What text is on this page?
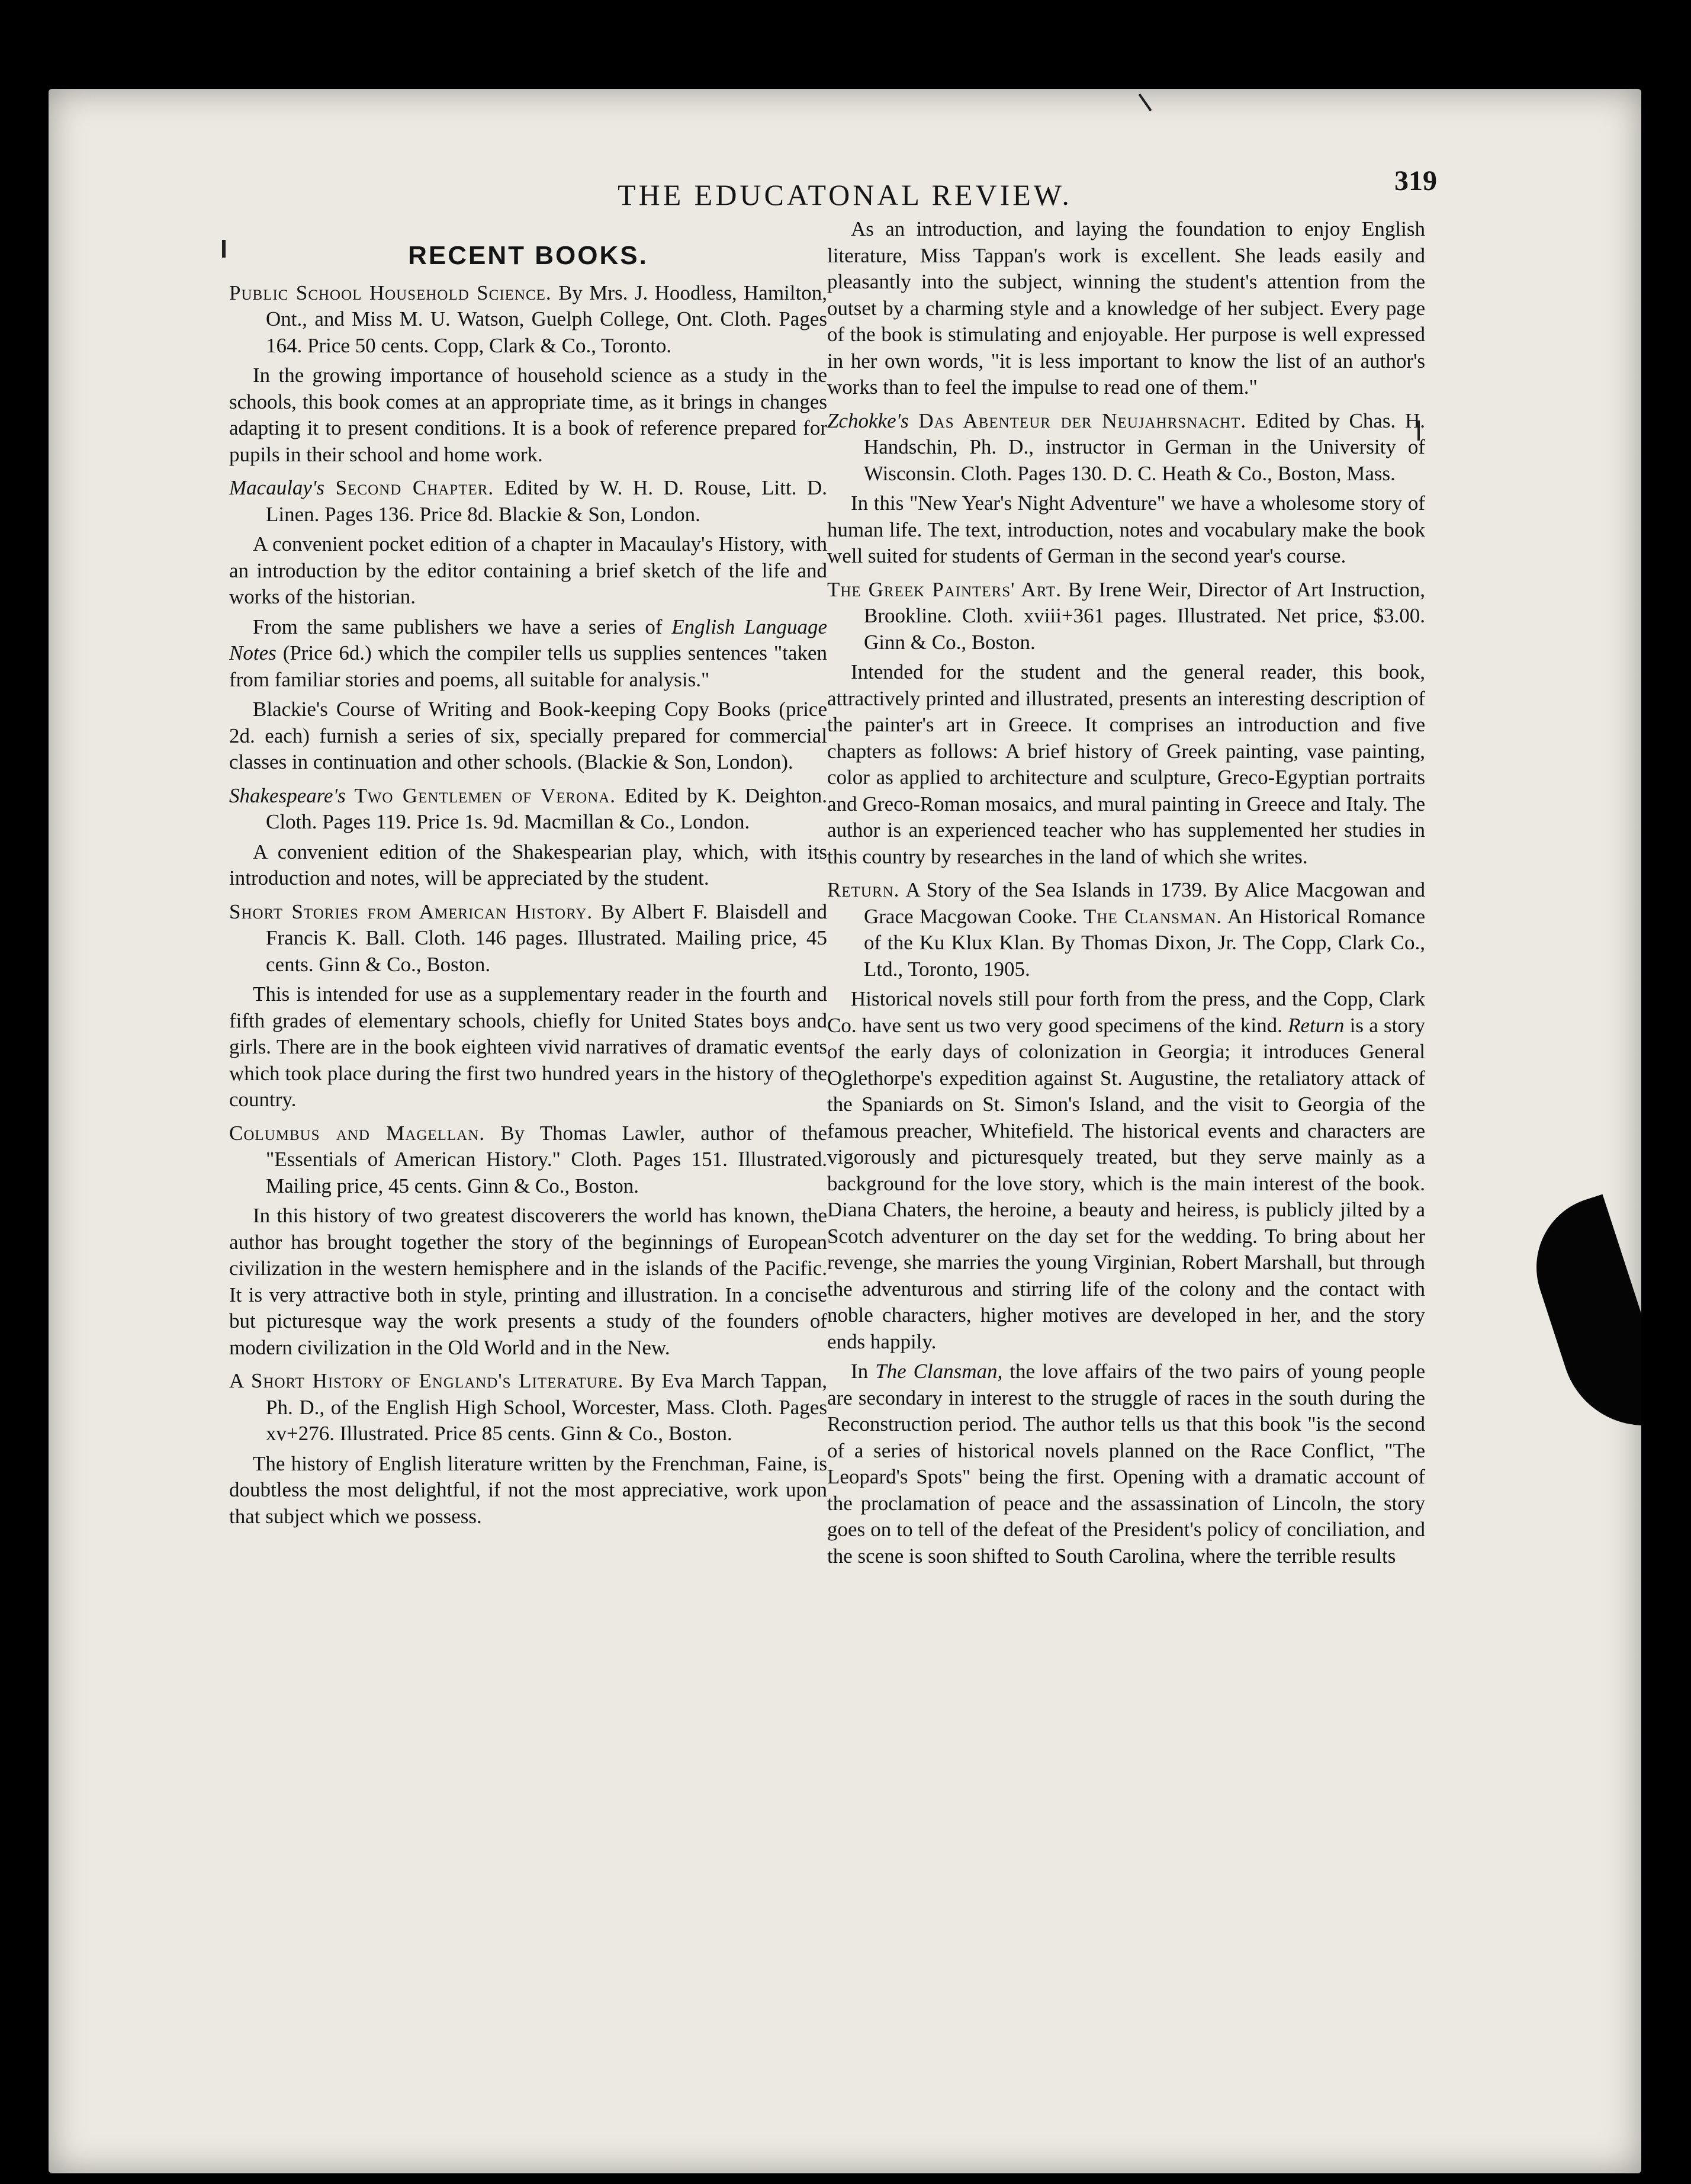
319
THE EDUCATONAL REVIEW.
RECENT BOOKS.

Public School Household Science. By Mrs. J. Hoodless, Hamilton, Ont., and Miss M. U. Watson, Guelph College, Ont. Cloth. Pages 164. Price 50 cents. Copp, Clark & Co., Toronto.

In the growing importance of household science as a study in the schools, this book comes at an appropriate time, as it brings in changes adapting it to present conditions. It is a book of reference prepared for pupils in their school and home work.

Macaulay's Second Chapter. Edited by W. H. D. Rouse, Litt. D. Linen. Pages 136. Price 8d. Blackie & Son, London.

A convenient pocket edition of a chapter in Macaulay's History, with an introduction by the editor containing a brief sketch of the life and works of the historian.

From the same publishers we have a series of English Language Notes (Price 6d.) which the compiler tells us supplies sentences "taken from familiar stories and poems, all suitable for analysis."

Blackie's Course of Writing and Book-keeping Copy Books (price 2d. each) furnish a series of six, specially prepared for commercial classes in continuation and other schools. (Blackie & Son, London).

Shakespeare's Two Gentlemen of Verona. Edited by K. Deighton. Cloth. Pages 119. Price 1s. 9d. Macmillan & Co., London.

A convenient edition of the Shakespearian play, which, with its introduction and notes, will be appreciated by the student.

Short Stories from American History. By Albert F. Blaisdell and Francis K. Ball. Cloth. 146 pages. Illustrated. Mailing price, 45 cents. Ginn & Co., Boston.

This is intended for use as a supplementary reader in the fourth and fifth grades of elementary schools, chiefly for United States boys and girls. There are in the book eighteen vivid narratives of dramatic events which took place during the first two hundred years in the history of the country.

Columbus and Magellan. By Thomas Lawler, author of the "Essentials of American History." Cloth. Pages 151. Illustrated. Mailing price, 45 cents. Ginn & Co., Boston.

In this history of two greatest discoverers the world has known, the author has brought together the story of the beginnings of European civilization in the western hemisphere and in the islands of the Pacific. It is very attractive both in style, printing and illustration. In a concise but picturesque way the work presents a study of the founders of modern civilization in the Old World and in the New.

A Short History of England's Literature. By Eva March Tappan, Ph. D., of the English High School, Worcester, Mass. Cloth. Pages xv+276. Illustrated. Price 85 cents. Ginn & Co., Boston.

The history of English literature written by the Frenchman, Faine, is doubtless the most delightful, if not the most appreciative, work upon that subject which we possess.

As an introduction, and laying the foundation to enjoy English literature, Miss Tappan's work is excellent. She leads easily and pleasantly into the subject, winning the student's attention from the outset by a charming style and a knowledge of her subject. Every page of the book is stimulating and enjoyable. Her purpose is well expressed in her own words, "it is less important to know the list of an author's works than to feel the impulse to read one of them."

Zchokke's Das Abenteur der Neujahrsnacht. Edited by Chas. H. Handschin, Ph. D., instructor in German in the University of Wisconsin. Cloth. Pages 130. D. C. Heath & Co., Boston, Mass.

In this "New Year's Night Adventure" we have a wholesome story of human life. The text, introduction, notes and vocabulary make the book well suited for students of German in the second year's course.

The Greek Painters' Art. By Irene Weir, Director of Art Instruction, Brookline. Cloth. xviii+361 pages. Illustrated. Net price, $3.00. Ginn & Co., Boston.

Intended for the student and the general reader, this book, attractively printed and illustrated, presents an interesting description of the painter's art in Greece. It comprises an introduction and five chapters as follows: A brief history of Greek painting, vase painting, color as applied to architecture and sculpture, Greco-Egyptian portraits and Greco-Roman mosaics, and mural painting in Greece and Italy. The author is an experienced teacher who has supplemented her studies in this country by researches in the land of which she writes.

Return. A Story of the Sea Islands in 1739. By Alice Macgowan and Grace Macgowan Cooke. The Clansman. An Historical Romance of the Ku Klux Klan. By Thomas Dixon, Jr. The Copp, Clark Co., Ltd., Toronto, 1905.

Historical novels still pour forth from the press, and the Copp, Clark Co. have sent us two very good specimens of the kind. Return is a story of the early days of colonization in Georgia; it introduces General Oglethorpe's expedition against St. Augustine, the retaliatory attack of the Spaniards on St. Simon's Island, and the visit to Georgia of the famous preacher, Whitefield. The historical events and characters are vigorously and picturesquely treated, but they serve mainly as a background for the love story, which is the main interest of the book. Diana Chaters, the heroine, a beauty and heiress, is publicly jilted by a Scotch adventurer on the day set for the wedding. To bring about her revenge, she marries the young Virginian, Robert Marshall, but through the adventurous and stirring life of the colony and the contact with noble characters, higher motives are developed in her, and the story ends happily.

In The Clansman, the love affairs of the two pairs of young people are secondary in interest to the struggle of races in the south during the Reconstruction period. The author tells us that this book "is the second of a series of historical novels planned on the Race Conflict, "The Leopard's Spots" being the first. Opening with a dramatic account of the proclamation of peace and the assassination of Lincoln, the story goes on to tell of the defeat of the President's policy of conciliation, and the scene is soon shifted to South Carolina, where the terrible results
